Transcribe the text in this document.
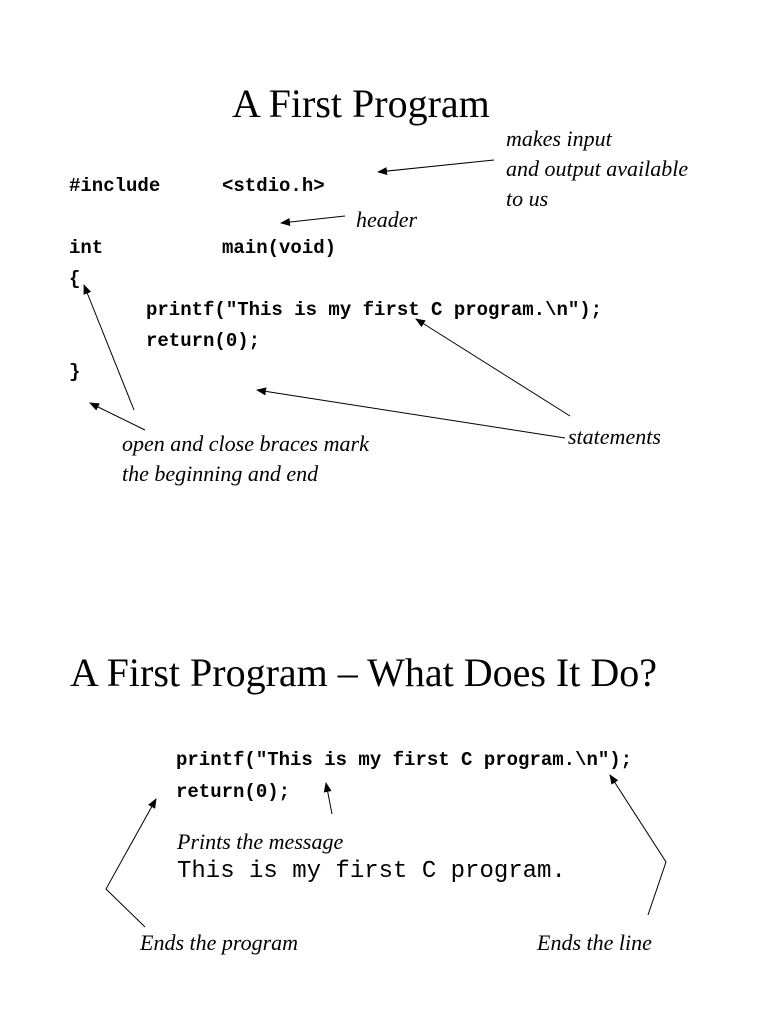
A First Program
#include	<stdio.h>
int	main(void)
{
printf("This is my first C program.\n");
return(0);
}
makes input
and output available
to us
header
open and close braces mark
the beginning and end
statements
A First Program – What Does It Do?
printf("This is my first C program.\n");
return(0);
Prints the message
This is my first C program.
Ends the program	Ends the line
